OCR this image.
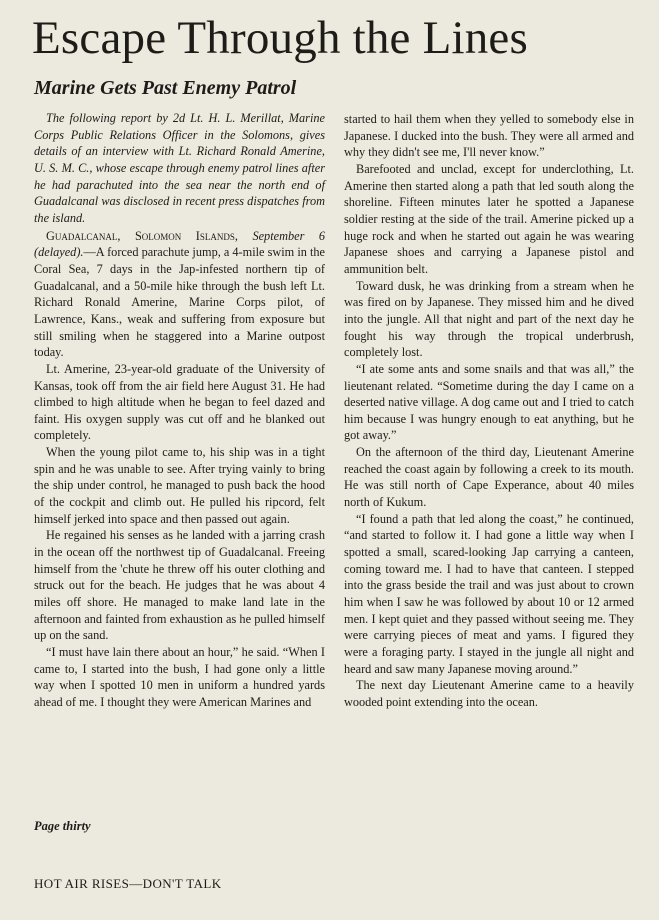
Escape Through the Lines
Marine Gets Past Enemy Patrol

The following report by 2d Lt. H. L. Merillat, Marine Corps Public Relations Officer in the Solomons, gives details of an interview with Lt. Richard Ronald Amerine, U. S. M. C., whose escape through enemy patrol lines after he had parachuted into the sea near the north end of Guadalcanal was disclosed in recent press dispatches from the island.

Guadalcanal, Solomon Islands, September 6 (delayed).—A forced parachute jump, a 4-mile swim in the Coral Sea, 7 days in the Jap-infested northern tip of Guadalcanal, and a 50-mile hike through the bush left Lt. Richard Ronald Amerine, Marine Corps pilot, of Lawrence, Kans., weak and suffering from exposure but still smiling when he staggered into a Marine outpost today.

Lt. Amerine, 23-year-old graduate of the University of Kansas, took off from the air field here August 31. He had climbed to high altitude when he began to feel dazed and faint. His oxygen supply was cut off and he blanked out completely.

When the young pilot came to, his ship was in a tight spin and he was unable to see. After trying vainly to bring the ship under control, he managed to push back the hood of the cockpit and climb out. He pulled his ripcord, felt himself jerked into space and then passed out again.

He regained his senses as he landed with a jarring crash in the ocean off the northwest tip of Guadalcanal. Freeing himself from the 'chute he threw off his outer clothing and struck out for the beach. He judges that he was about 4 miles off shore. He managed to make land late in the afternoon and fainted from exhaustion as he pulled himself up on the sand.

“I must have lain there about an hour,” he said. “When I came to, I started into the bush, I had gone only a little way when I spotted 10 men in uniform a hundred yards ahead of me. I thought they were American Marines and

started to hail them when they yelled to somebody else in Japanese. I ducked into the bush. They were all armed and why they didn't see me, I'll never know.”

Barefooted and unclad, except for underclothing, Lt. Amerine then started along a path that led south along the shoreline. Fifteen minutes later he spotted a Japanese soldier resting at the side of the trail. Amerine picked up a huge rock and when he started out again he was wearing Japanese shoes and carrying a Japanese pistol and ammunition belt.

Toward dusk, he was drinking from a stream when he was fired on by Japanese. They missed him and he dived into the jungle. All that night and part of the next day he fought his way through the tropical underbrush, completely lost.

“I ate some ants and some snails and that was all,” the lieutenant related. “Sometime during the day I came on a deserted native village. A dog came out and I tried to catch him because I was hungry enough to eat anything, but he got away.”

On the afternoon of the third day, Lieutenant Amerine reached the coast again by following a creek to its mouth. He was still north of Cape Experance, about 40 miles north of Kukum.

“I found a path that led along the coast,” he continued, “and started to follow it. I had gone a little way when I spotted a small, scared-looking Jap carrying a canteen, coming toward me. I had to have that canteen. I stepped into the grass beside the trail and was just about to crown him when I saw he was followed by about 10 or 12 armed men. I kept quiet and they passed without seeing me. They were carrying pieces of meat and yams. I figured they were a foraging party. I stayed in the jungle all night and heard and saw many Japanese moving around.”

The next day Lieutenant Amerine came to a heavily wooded point extending into the ocean.

Page thirty

HOT AIR RISES—DON'T TALK
